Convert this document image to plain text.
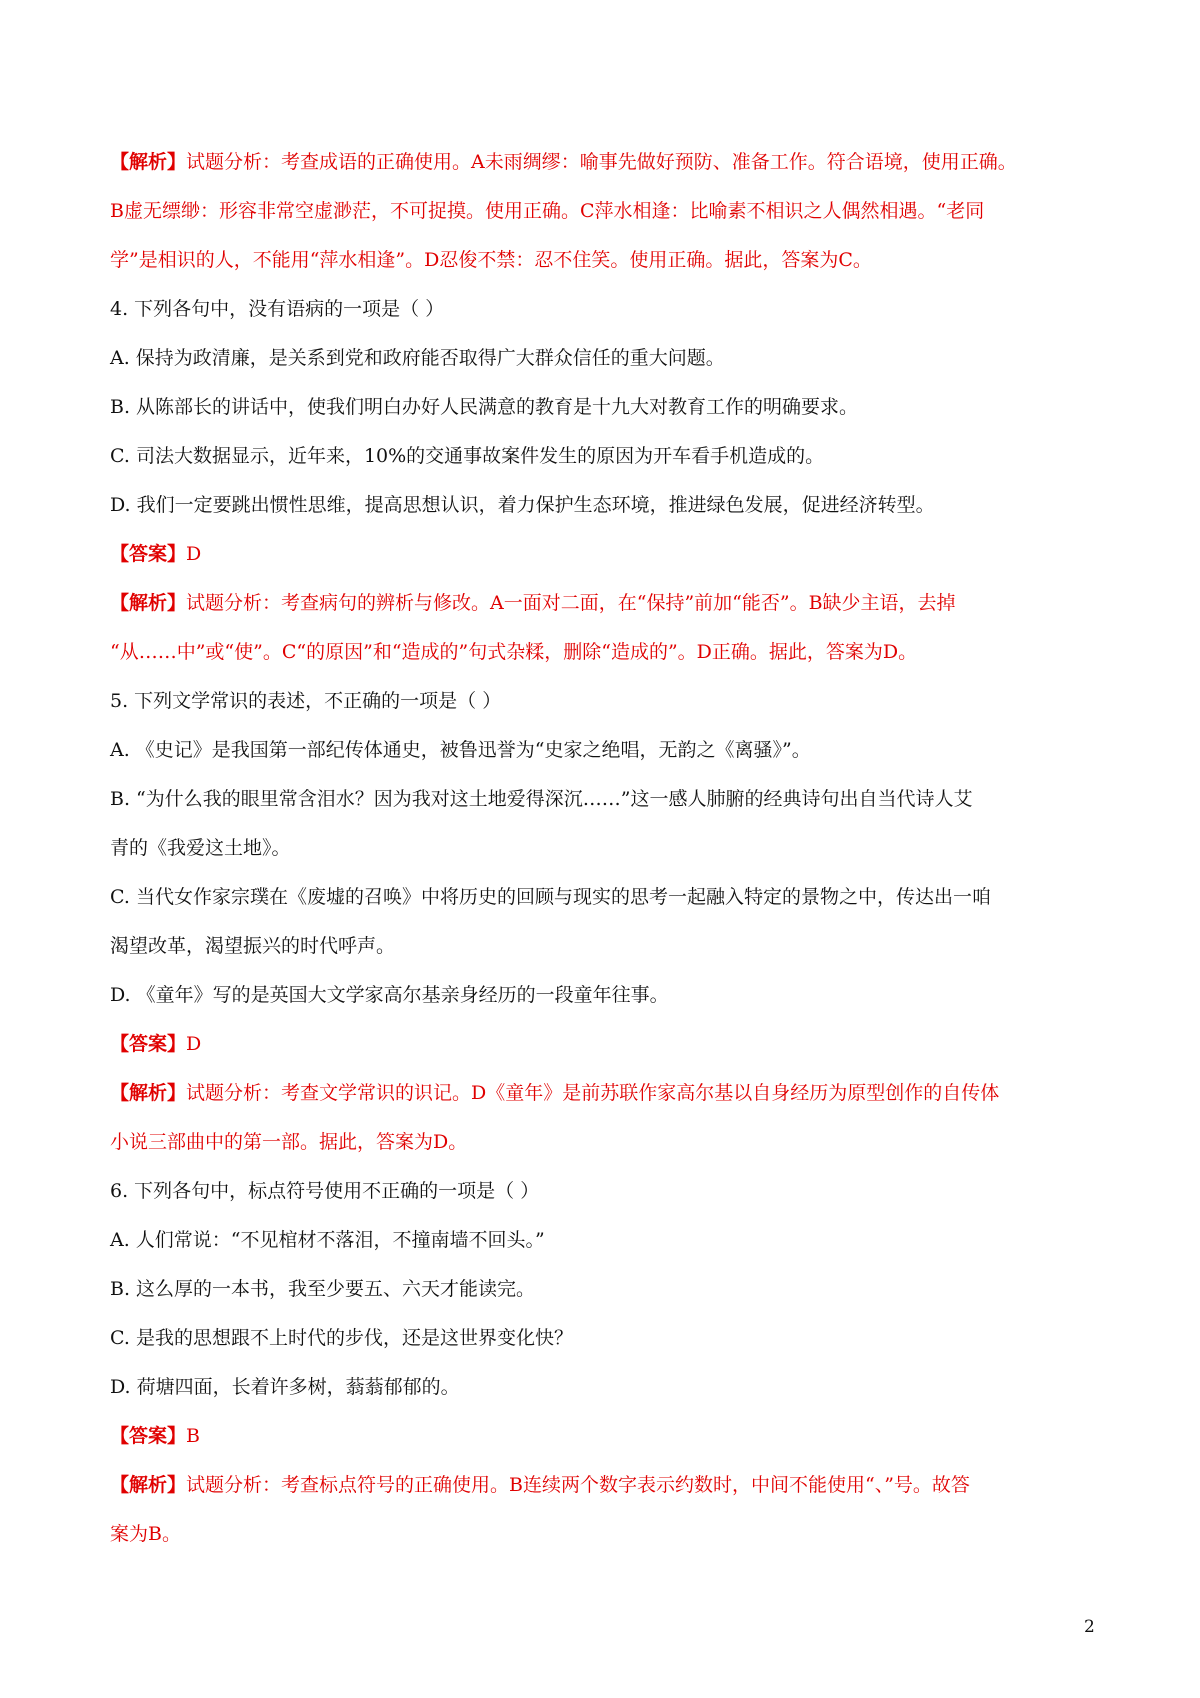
【解析】试题分析：考查成语的正确使用。A未雨绸缪：喻事先做好预防、准备工作。符合语境，使用正确。
B虚无缥缈：形容非常空虚渺茫，不可捉摸。使用正确。C萍水相逢：比喻素不相识之人偶然相遇。“老同
学”是相识的人，不能用“萍水相逢”。D忍俊不禁：忍不住笑。使用正确。据此，答案为C。
4. 下列各句中，没有语病的一项是（ ）
A. 保持为政清廉，是关系到党和政府能否取得广大群众信任的重大问题。
B. 从陈部长的讲话中，使我们明白办好人民满意的教育是十九大对教育工作的明确要求。
C. 司法大数据显示，近年来，10%的交通事故案件发生的原因为开车看手机造成的。
D. 我们一定要跳出惯性思维，提高思想认识，着力保护生态环境，推进绿色发展，促进经济转型。
【答案】D
【解析】试题分析：考查病句的辨析与修改。A一面对二面，在“保持”前加“能否”。B缺少主语，去掉
“从……中”或“使”。C“的原因”和“造成的”句式杂糅，删除“造成的”。D正确。据此，答案为D。
5. 下列文学常识的表述，不正确的一项是（ ）
A. 《史记》是我国第一部纪传体通史，被鲁迅誉为“史家之绝唱，无韵之《离骚》”。
B. “为什么我的眼里常含泪水？因为我对这土地爱得深沉……”这一感人肺腑的经典诗句出自当代诗人艾
青的《我爱这土地》。
C. 当代女作家宗璞在《废墟的召唤》中将历史的回顾与现实的思考一起融入特定的景物之中，传达出一咱
渴望改革，渴望振兴的时代呼声。
D. 《童年》写的是英国大文学家高尔基亲身经历的一段童年往事。
【答案】D
【解析】试题分析：考查文学常识的识记。D《童年》是前苏联作家高尔基以自身经历为原型创作的自传体
小说三部曲中的第一部。据此，答案为D。
6. 下列各句中，标点符号使用不正确的一项是（ ）
A. 人们常说：“不见棺材不落泪，不撞南墙不回头。”
B. 这么厚的一本书，我至少要五、六天才能读完。
C. 是我的思想跟不上时代的步伐，还是这世界变化快？
D. 荷塘四面，长着许多树，蓊蓊郁郁的。
【答案】B
【解析】试题分析：考查标点符号的正确使用。B连续两个数字表示约数时，中间不能使用“、”号。故答
案为B。
2
